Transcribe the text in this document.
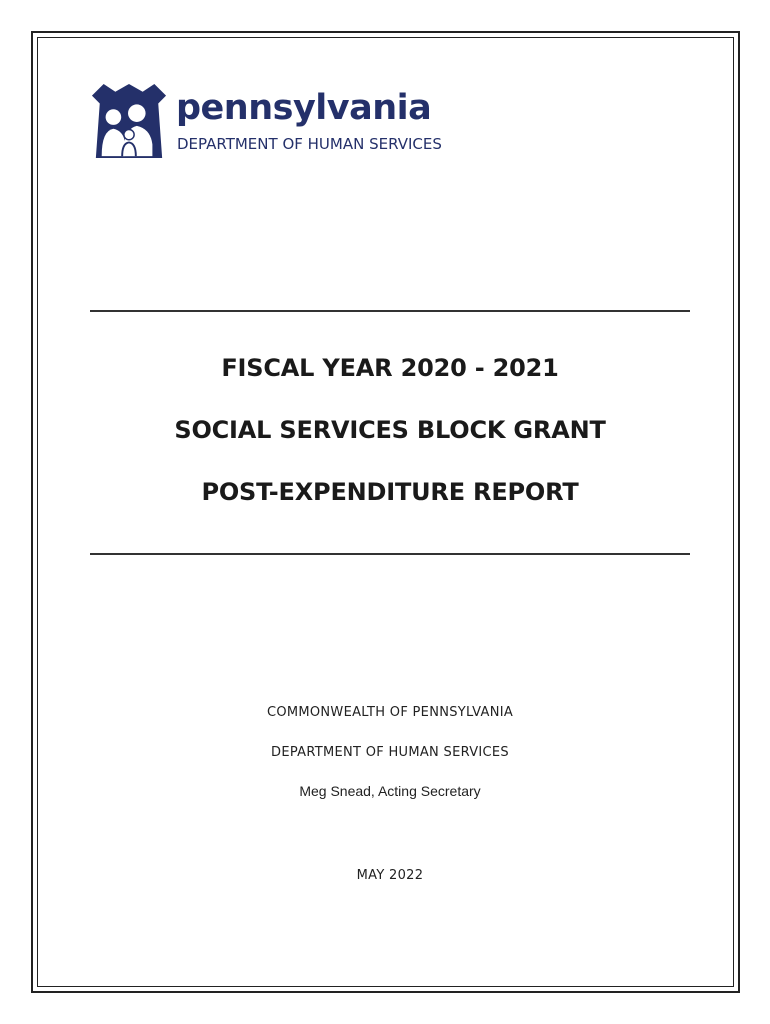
pennsylvania
DEPARTMENT OF HUMAN SERVICES
FISCAL YEAR 2020 - 2021
SOCIAL SERVICES BLOCK GRANT
POST-EXPENDITURE REPORT
COMMONWEALTH OF PENNSYLVANIA
DEPARTMENT OF HUMAN SERVICES
Meg Snead, Acting Secretary
MAY 2022
